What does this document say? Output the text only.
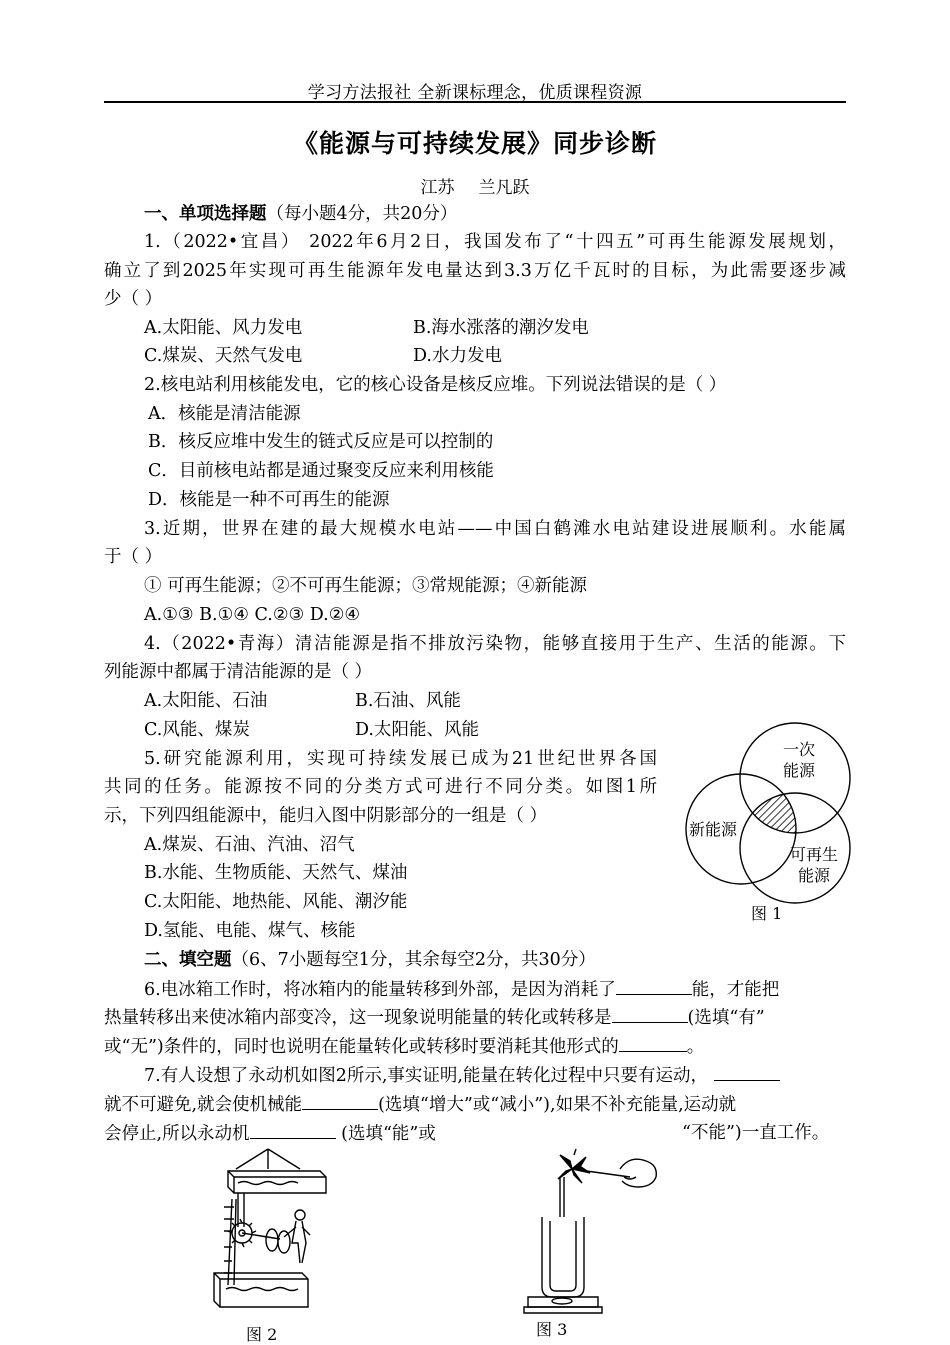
学习方法报社 全新课标理念，优质课程资源
《能源与可持续发展》同步诊断
江苏 兰凡跃
一、单项选择题（每小题4分，共20分）
1.（2022•宜昌） 2022年6月2日，我国发布了“十四五”可再生能源发展规划，
确立了到2025年实现可再生能源年发电量达到3.3万亿千瓦时的目标，为此需要逐步减
少（ ）
A.太阳能、风力发电	B.海水涨落的潮汐发电
C.煤炭、天然气发电	D.水力发电
2.核电站利用核能发电，它的核心设备是核反应堆。下列说法错误的是（ ）
A．核能是清洁能源
B．核反应堆中发生的链式反应是可以控制的
C．目前核电站都是通过聚变反应来利用核能
D．核能是一种不可再生的能源
3.近期，世界在建的最大规模水电站——中国白鹤滩水电站建设进展顺利。水能属
于（ ）
① 可再生能源；②不可再生能源；③常规能源；④新能源
A.①③ B.①④ C.②③ D.②④
4.（2022•青海）清洁能源是指不排放污染物，能够直接用于生产、生活的能源。下
列能源中都属于清洁能源的是（ ）
A.太阳能、石油	B.石油、风能
C.风能、煤炭	D.太阳能、风能
5.研究能源利用，实现可持续发展已成为21世纪世界各国
共同的任务。能源按不同的分类方式可进行不同分类。如图1所
示，下列四组能源中，能归入图中阴影部分的一组是（ ）
A.煤炭、石油、汽油、沼气
B.水能、生物质能、天然气、煤油
C.太阳能、地热能、风能、潮汐能
D.氢能、电能、煤气、核能
一次
能源
新能源
可再生
能源
图 1
二、填空题（6、7小题每空1分，其余每空2分，共30分）
6.电冰箱工作时，将冰箱内的能量转移到外部，是因为消耗了	能，才能把
热量转移出来使冰箱内部变冷，这一现象说明能量的转化或转移是	(选填“有”
或“无”)条件的，同时也说明在能量转化或转移时要消耗其他形式的	。
7.有人设想了永动机如图2所示,事实证明,能量在转化过程中只要有运动，
就不可避免,就会使机械能	(选填“增大”或“减小”),如果不补充能量,运动就
会停止,所以永动机	(选填“能”或	“不能”)一直工作。
图 2	图 3
